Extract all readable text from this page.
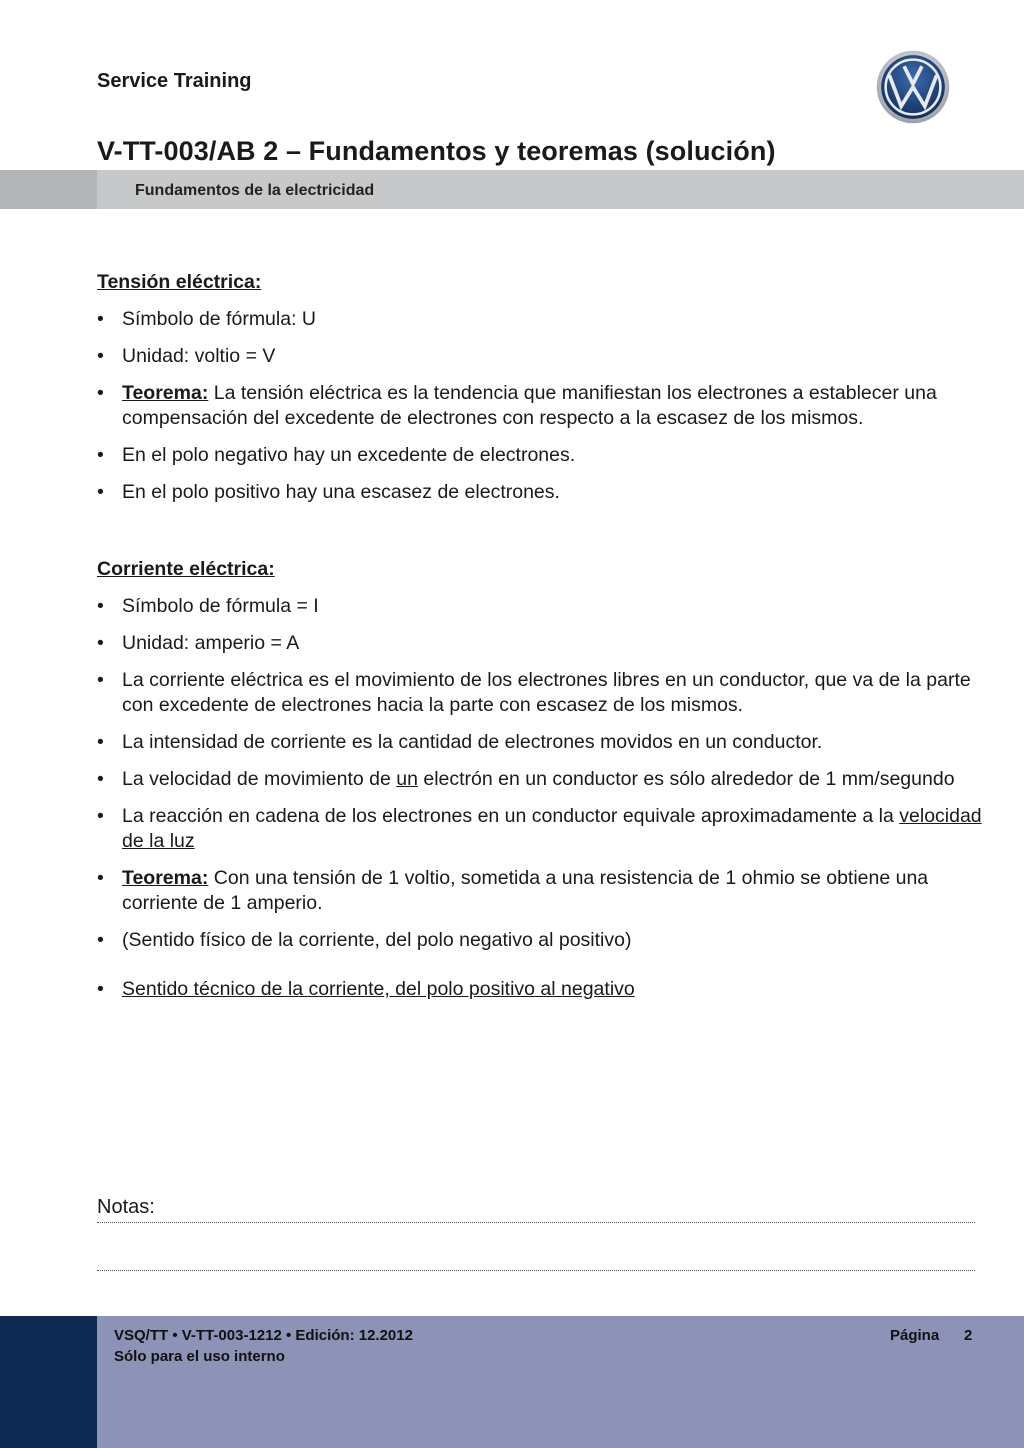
Service Training
V-TT-003/AB 2 – Fundamentos y teoremas (solución)
Fundamentos de la electricidad
Tensión eléctrica:
• Símbolo de fórmula: U
• Unidad: voltio = V
• Teorema: La tensión eléctrica es la tendencia que manifiestan los electrones a establecer una compensación del excedente de electrones con respecto a la escasez de los mismos.
• En el polo negativo hay un excedente de electrones.
• En el polo positivo hay una escasez de electrones.
Corriente eléctrica:
• Símbolo de fórmula = I
• Unidad: amperio = A
• La corriente eléctrica es el movimiento de los electrones libres en un conductor, que va de la parte con excedente de electrones hacia la parte con escasez de los mismos.
• La intensidad de corriente es la cantidad de electrones movidos en un conductor.
• La velocidad de movimiento de un electrón en un conductor es sólo alrededor de 1 mm/segundo
• La reacción en cadena de los electrones en un conductor equivale aproximadamente a la velocidad de la luz
• Teorema: Con una tensión de 1 voltio, sometida a una resistencia de 1 ohmio se obtiene una corriente de 1 amperio.
• (Sentido físico de la corriente, del polo negativo al positivo)
• Sentido técnico de la corriente, del polo positivo al negativo
Notas:
VSQ/TT • V-TT-003-1212 • Edición: 12.2012
Sólo para el uso interno
Página 2
